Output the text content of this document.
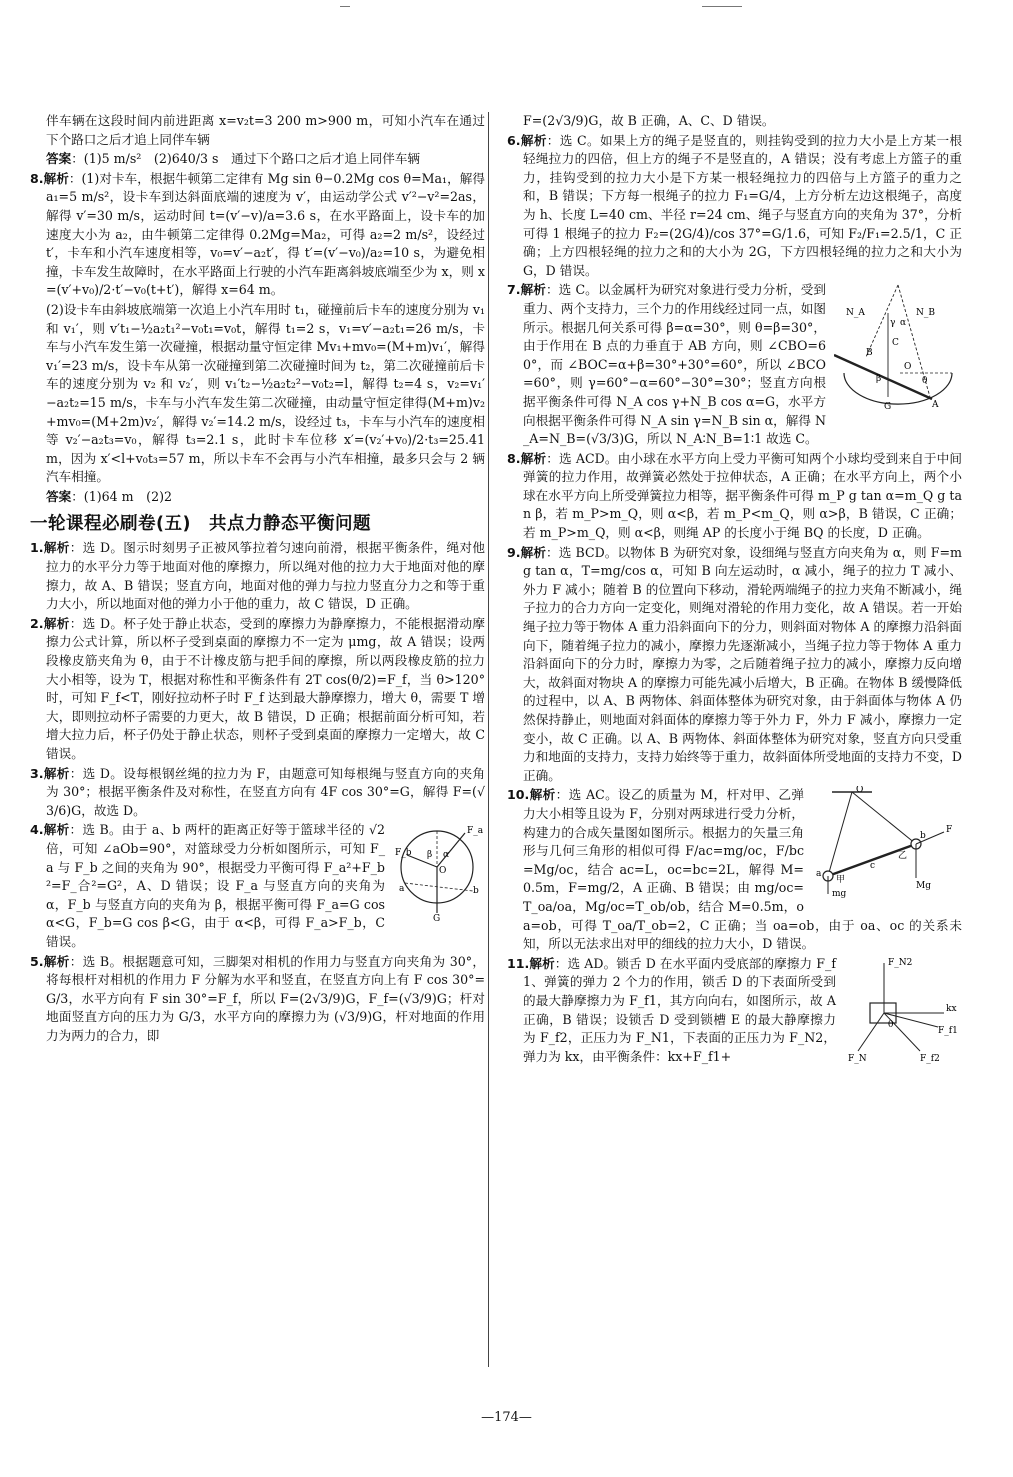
伴车辆在这段时间内前进距离 x=v₂t=3 200 m>900 m，可知小汽车在通过下个路口之后才追上同伴车辆

答案：(1)5 m/s²　(2)640/3 s　通过下个路口之后才追上同伴车辆

8.解析：(1)对卡车，根据牛顿第二定律有 Mg sin θ−0.2Mg cos θ=Ma₁，解得 a₁=5 m/s²，设卡车到达斜面底端的速度为 v′，由运动学公式 v′²−v²=2as，解得 v′=30 m/s，运动时间 t=(v′−v)/a=3.6 s，在水平路面上，设卡车的加速度大小为 a₂，由牛顿第二定律得 0.2Mg=Ma₂，可得 a₂=2 m/s²，设经过 t′，卡车和小汽车速度相等，v₀=v′−a₂t′，得 t′=(v′−v₀)/a₂=10 s，为避免相撞，卡车发生故障时，在水平路面上行驶的小汽车距离斜坡底端至少为 x，则 x=(v′+v₀)/2·t′−v₀(t+t′)，解得 x=64 m。

(2)设卡车由斜坡底端第一次追上小汽车用时 t₁，碰撞前后卡车的速度分别为 v₁ 和 v₁′，则 v′t₁−½a₂t₁²−v₀t₁=v₀t，解得 t₁=2 s，v₁=v′−a₂t₁=26 m/s，卡车与小汽车发生第一次碰撞，根据动量守恒定律 Mv₁+mv₀=(M+m)v₁′，解得 v₁′=23 m/s，设卡车从第一次碰撞到第二次碰撞时间为 t₂，第二次碰撞前后卡车的速度分别为 v₂ 和 v₂′，则 v₁′t₂−½a₂t₂²−v₀t₂=l，解得 t₂=4 s，v₂=v₁′−a₂t₂=15 m/s，卡车与小汽车发生第二次碰撞，由动量守恒定律得(M+m)v₂+mv₀=(M+2m)v₂′，解得 v₂′=14.2 m/s，设经过 t₃，卡车与小汽车的速度相等 v₂′−a₂t₃=v₀，解得 t₃=2.1 s，此时卡车位移 x′=(v₂′+v₀)/2·t₃=25.41 m，因为 x′<l+v₀t₃=57 m，所以卡车不会再与小汽车相撞，最多只会与 2 辆汽车相撞。

答案：(1)64 m　(2)2

一轮课程必刷卷(五)　共点力静态平衡问题

1.解析：选 D。图示时刻男子正被风筝拉着匀速向前滑，根据平衡条件，绳对他拉力的水平分力等于地面对他的摩擦力，所以绳对他的拉力大于地面对他的摩擦力，故 A、B 错误；竖直方向，地面对他的弹力与拉力竖直分力之和等于重力大小，所以地面对他的弹力小于他的重力，故 C 错误，D 正确。

2.解析：选 D。杯子处于静止状态，受到的摩擦力为静摩擦力，不能根据滑动摩擦力公式计算，所以杯子受到桌面的摩擦力不一定为 μmg，故 A 错误；设两段橡皮筋夹角为 θ，由于不计橡皮筋与把手间的摩擦，所以两段橡皮筋的拉力大小相等，设为 T，根据对称性和平衡条件有 2T cos(θ/2)=F_f，当 θ>120° 时，可知 F_f<T，刚好拉动杯子时 F_f 达到最大静摩擦力，增大 θ，需要 T 增大，即则拉动杯子需要的力更大，故 B 错误，D 正确；根据前面分析可知，若增大拉力后，杯子仍处于静止状态，则杯子受到桌面的摩擦力一定增大，故 C 错误。

3.解析：选 D。设每根钢丝绳的拉力为 F，由题意可知每根绳与竖直方向的夹角为 30°；根据平衡条件及对称性，在竖直方向有 4F cos 30°=G，解得 F=(√3/6)G，故选 D。

F_a
F_b	α
β
O
a	b
G
4.解析：选 B。由于 a、b 两杆的距离正好等于篮球半径的 √2 倍，可知 ∠aOb=90°，对篮球受力分析如图所示，可知 F_a 与 F_b 之间的夹角为 90°，根据受力平衡可得 F_a²+F_b²=F_合²=G²，A、D 错误；设 F_a 与竖直方向的夹角为 α，F_b 与竖直方向的夹角为 β，根据平衡可得 F_a=G cos α<G，F_b=G cos β<G，由于 α<β，可得 F_a>F_b，C 错误。

5.解析：选 B。根据题意可知，三脚架对相机的作用力与竖直方向夹角为 30°，将每根杆对相机的作用力 F 分解为水平和竖直，在竖直方向上有 F cos 30°=G/3，水平方向有 F sin 30°=F_f，所以 F=(2√3/9)G，F_f=(√3/9)G；杆对地面竖直方向的压力为 G/3，水平方向的摩擦力为 (√3/9)G，杆对地面的作用力为两力的合力，即

F=(2√3/9)G，故 B 正确，A、C、D 错误。

6.解析：选 C。如果上方的绳子是竖直的，则挂钩受到的拉力大小是上方某一根轻绳拉力的四倍，但上方的绳子不是竖直的，A 错误；没有考虑上方篮子的重力，挂钩受到的拉力大小是下方某一根轻绳拉力的四倍与上方篮子的重力之和，B 错误；下方每一根绳子的拉力 F₁=G/4，上方分析左边这根绳子，高度为 h、长度 L=40 cm、半径 r=24 cm、绳子与竖直方向的夹角为 37°，分析可得 1 根绳子的拉力 F₂=(2G/4)/cos 37°=G/1.6，可知 F₂/F₁=2.5/1，C 正确；上方四根轻绳的拉力之和的大小为 2G，下方四根轻绳的拉力之和大小为 G，D 错误。

N_A	N_B
γ α
C
B
O
A
β	θ
G
7.解析：选 C。以金属杆为研究对象进行受力分析，受到重力、两个支持力，三个力的作用线经过同一点，如图所示。根据几何关系可得 β=α=30°，则 θ=β=30°，由于作用在 B 点的力垂直于 AB 方向，则 ∠CBO=60°，而 ∠BOC=α+β=30°+30°=60°，所以 ∠BCO=60°，则 γ=60°−α=60°−30°=30°；竖直方向根据平衡条件可得 N_A cos γ+N_B cos α=G，水平方向根据平衡条件可得 N_A sin γ=N_B sin α，解得 N_A=N_B=(√3/3)G，所以 N_A∶N_B=1∶1 故选 C。

8.解析：选 ACD。由小球在水平方向上受力平衡可知两个小球均受到来自于中间弹簧的拉力作用，故弹簧必然处于拉伸状态，A 正确；在水平方向上，两个小球在水平方向上所受弹簧拉力相等，据平衡条件可得 m_P g tan α=m_Q g tan β，若 m_P>m_Q，则 α<β，若 m_P<m_Q，则 α>β，B 错误，C 正确；若 m_P>m_Q，则 α<β，则绳 AP 的长度小于绳 BQ 的长度，D 正确。

9.解析：选 BCD。以物体 B 为研究对象，设细绳与竖直方向夹角为 α，则 F=mg tan α，T=mg/cos α，可知 B 向左运动时，α 减小，绳子的拉力 T 减小、外力 F 减小；随着 B 的位置向下移动，滑轮两端绳子的拉力夹角不断减小，绳子拉力的合力方向一定变化，则绳对滑轮的作用力变化，故 A 错误。若一开始绳子拉力等于物体 A 重力沿斜面向下的分力，则斜面对物体 A 的摩擦力沿斜面向下，随着绳子拉力的减小，摩擦力先逐渐减小，当绳子拉力等于物体 A 重力沿斜面向下的分力时，摩擦力为零，之后随着绳子拉力的减小，摩擦力反向增大，故斜面对物块 A 的摩擦力可能先减小后增大，B 正确。在物体 B 缓慢降低的过程中，以 A、B 两物体、斜面体整体为研究对象，由于斜面体与物体 A 仍然保持静止，则地面对斜面体的摩擦力等于外力 F，外力 F 减小，摩擦力一定变小，故 C 正确。以 A、B 两物体、斜面体整体为研究对象，竖直方向只受重力和地面的支持力，支持力始终等于重力，故斜面体所受地面的支持力不变，D 正确。

O
b
乙
Mg
F
a
c
甲
mg
10.解析：选 AC。设乙的质量为 M，杆对甲、乙弹力大小相等且设为 F，分别对两球进行受力分析，构建力的合成矢量图如图所示。根据力的矢量三角形与几何三角形的相似可得 F/ac=mg/oc，F/bc=Mg/oc，结合 ac=L，oc=bc=2L，解得 M=0.5m，F=mg/2，A 正确、B 错误；由 mg/oc=T_oa/oa，Mg/oc=T_ob/ob，结合 M=0.5m，oa=ob，可得 T_oa/T_ob=2，C 正确；当 oa=ob，由于 oa、oc 的关系未知，所以无法求出对甲的细线的拉力大小，D 错误。
F_N2
kx
F_f1
F_f2
F_N
θ
11.解析：选 AD。锁舌 D 在水平面内受底部的摩擦力 F_f1、弹簧的弹力 2 个力的作用，锁舌 D 的下表面所受到的最大静摩擦力为 F_f1，其方向向右，如图所示，故 A 正确，B 错误；设锁舌 D 受到锁槽 E 的最大静摩擦力为 F_f2，正压力为 F_N1，下表面的正压力为 F_N2，弹力为 kx，由平衡条件：kx+F_f1+
—174—
